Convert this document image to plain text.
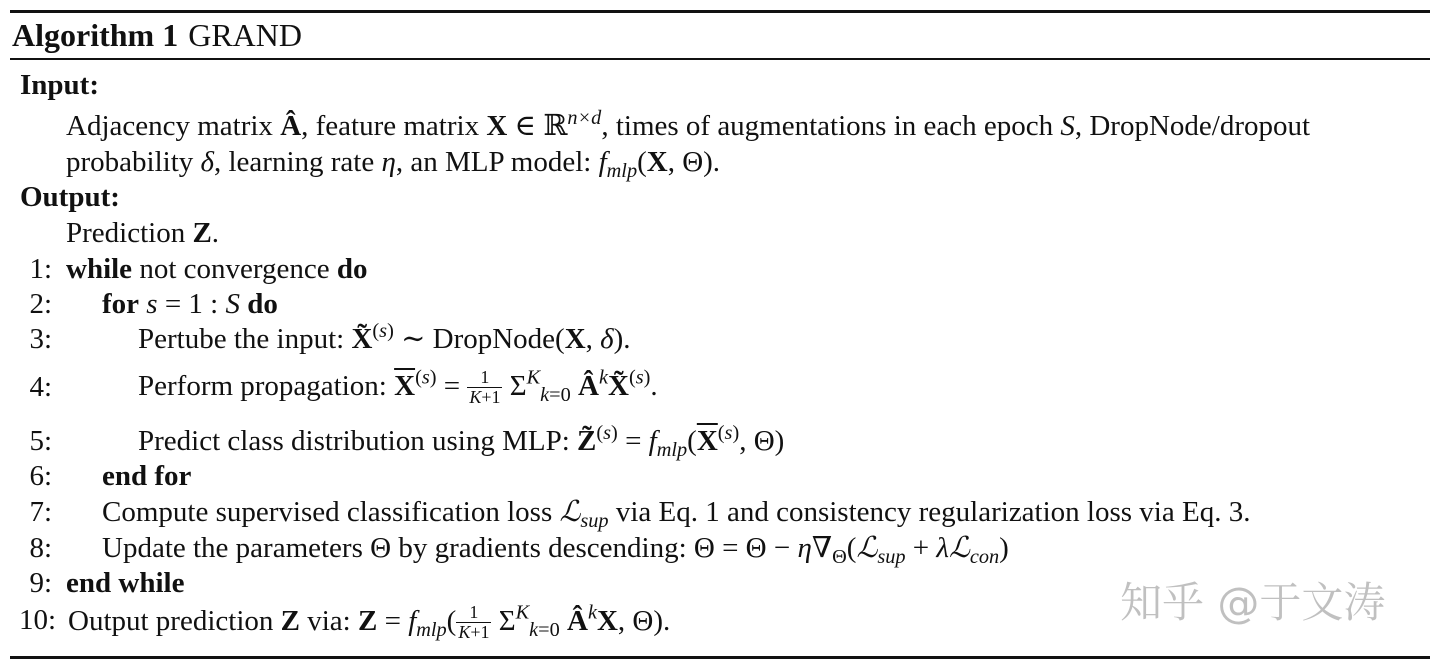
Algorithm 1 GRAND
Input:
Adjacency matrix Â, feature matrix X ∈ ℝ$^{n\times d}$, times of augmentations in each epoch S, DropNode/dropout
probability δ, learning rate η, an MLP model: $f_{mlp}(X$, Θ).
Output:
Prediction Z.
1: while not convergence do
2: for s = 1 : S do
3:	Pertube the input: X̃$^{(s)}$ ∼ DropNode(X, δ).
4:	Perform propagation: $\overline{X}^{(s)} = \frac{1}{K+1} \Sigma^K_{k=0}$ $Â^kX̃^{(s)}$.
5:	Predict class distribution using MLP: Z̃$^{(s)}$ = $f_{mlp}(\overline{X}^{(s)}$, Θ)
6: end for
7: Compute supervised classification loss ℒ$_{sup}$ via Eq. 1 and consistency regularization loss via Eq. 3.
8: Update the parameters Θ by gradients descending: $\Theta = \Theta - \eta\nabla_\Theta(ℒ_{sup}$ + λℒ$_{con}$)
9: end while
10: Output prediction Z via: $Z = f_{mlp}( \frac{1}{K+1} \Sigma^K_{k=0}$ $Â^kX$, Θ).	知乎 @于文涛
